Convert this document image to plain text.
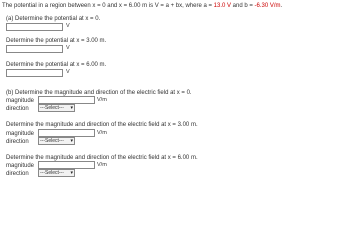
The potential in a region between x = 0 and x = 6.00 m is V = a + bx, where a = 13.0 V and b = -6.30 V/m.
(a) Determine the potential at x = 0.
V
Determine the potential at x = 3.00 m.
V
Determine the potential at x = 6.00 m.
V
(b) Determine the magnitude and direction of the electric field at x = 0.
magnitude	V/m
direction	---Select--- ▾
Determine the magnitude and direction of the electric field at x = 3.00 m.
magnitude	V/m
direction	---Select--- ▾
Determine the magnitude and direction of the electric field at x = 6.00 m.
magnitude	V/m
direction	---Select--- ▾
